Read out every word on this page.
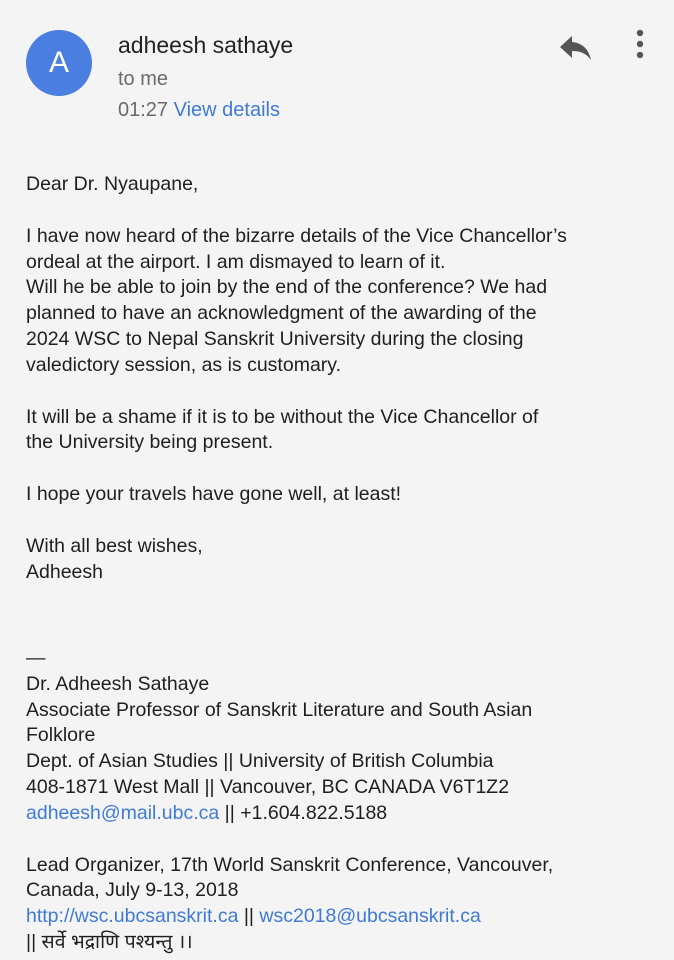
A
adheesh sathaye
to me
01:27 View details

Dear Dr. Nyaupane,

I have now heard of the bizarre details of the Vice Chancellor’s
ordeal at the airport. I am dismayed to learn of it.
Will he be able to join by the end of the conference? We had
planned to have an acknowledgment of the awarding of the
2024 WSC to Nepal Sanskrit University during the closing
valedictory session, as is customary.

It will be a shame if it is to be without the Vice Chancellor of
the University being present.

I hope your travels have gone well, at least!

With all best wishes,
Adheesh

—

Dr. Adheesh Sathaye

Associate Professor of Sanskrit Literature and South Asian
Folklore

Dept. of Asian Studies || University of British Columbia

408-1871 West Mall || Vancouver, BC CANADA V6T1Z2

adheesh@mail.ubc.ca || +1.604.822.5188

Lead Organizer, 17th World Sanskrit Conference, Vancouver,
Canada, July 9-13, 2018

http://wsc.ubcsanskrit.ca || wsc2018@ubcsanskrit.ca

|| सर्वे भद्राणि पश्यन्तु ।।
